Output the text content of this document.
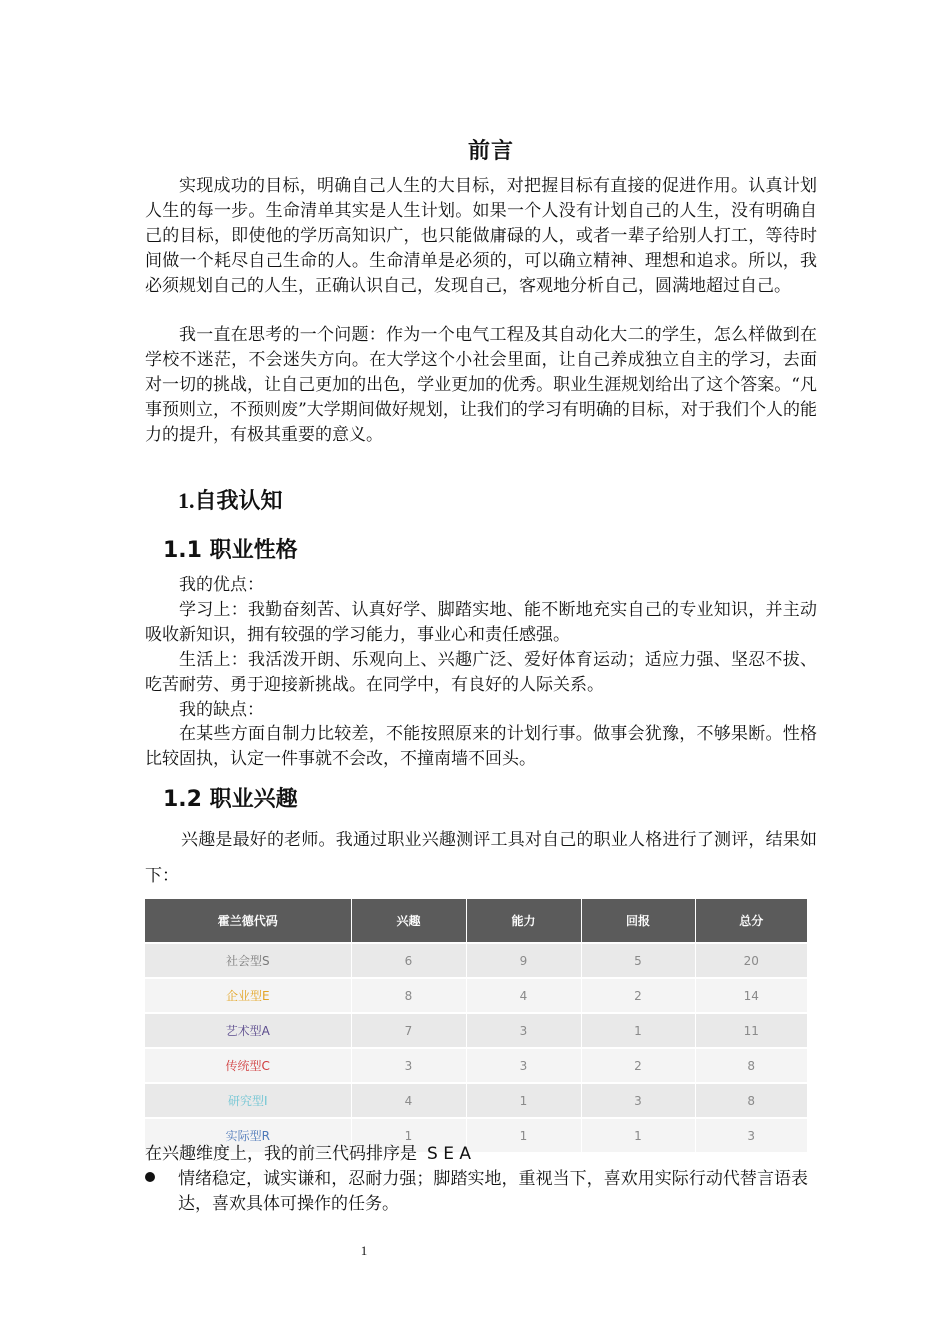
前言

实现成功的目标，明确自己人生的大目标，对把握目标有直接的促进作用。认真计划人生的每一步。生命清单其实是人生计划。如果一个人没有计划自己的人生，没有明确自己的目标，即使他的学历高知识广，也只能做庸碌的人，或者一辈子给别人打工，等待时间做一个耗尽自己生命的人。生命清单是必须的，可以确立精神、理想和追求。所以，我必须规划自己的人生，正确认识自己，发现自己，客观地分析自己，圆满地超过自己。

我一直在思考的一个问题：作为一个电气工程及其自动化大二的学生，怎么样做到在学校不迷茫，不会迷失方向。在大学这个小社会里面，让自己养成独立自主的学习，去面对一切的挑战，让自己更加的出色，学业更加的优秀。职业生涯规划给出了这个答案。“凡事预则立，不预则废”大学期间做好规划，让我们的学习有明确的目标，对于我们个人的能力的提升，有极其重要的意义。

1.自我认知
1.1 职业性格

我的优点：

学习上：我勤奋刻苦、认真好学、脚踏实地、能不断地充实自己的专业知识，并主动吸收新知识，拥有较强的学习能力，事业心和责任感强。

生活上：我活泼开朗、乐观向上、兴趣广泛、爱好体育运动；适应力强、坚忍不拔、吃苦耐劳、勇于迎接新挑战。在同学中，有良好的人际关系。

我的缺点：

在某些方面自制力比较差，不能按照原来的计划行事。做事会犹豫，不够果断。性格比较固执，认定一件事就不会改，不撞南墙不回头。

1.2 职业兴趣

兴趣是最好的老师。我通过职业兴趣测评工具对自己的职业人格进行了测评，结果如下：

霍兰德代码	兴趣	能力	回报	总分
社会型S	6	9	5	20
企业型E	8	4	2	14
艺术型A	7	3	1	11
传统型C	3	3	2	8
研究型I	4	1	3	8
实际型R	1	1	1	3

在兴趣维度上，我的前三代码排序是 S E A

情绪稳定，诚实谦和，忍耐力强；脚踏实地，重视当下，喜欢用实际行动代替言语表达，喜欢具体可操作的任务。

1
